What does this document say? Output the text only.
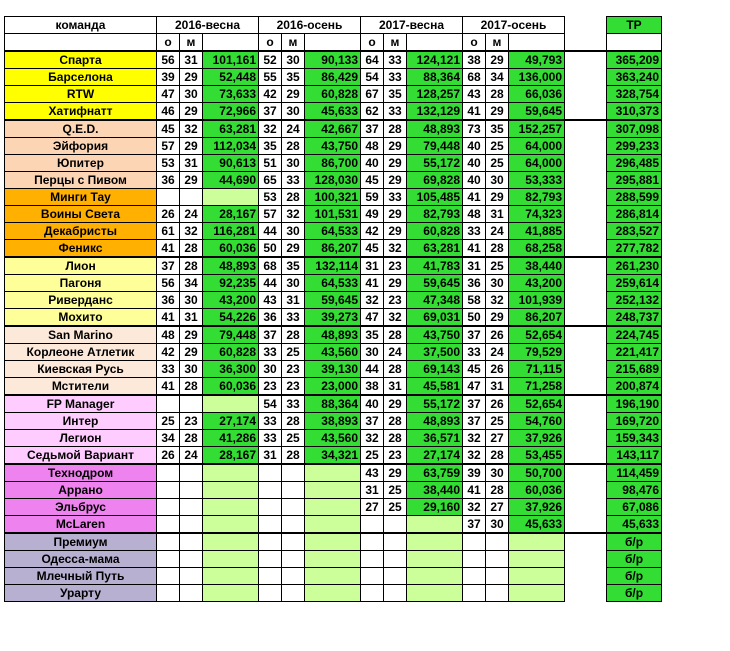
команда	2016-весна			2016-осень			2017-весна			2017-осень				ТР
	о	м		о	м		о	м		о	м			
Спарта	56	31	101,161	52	30	90,133	64	33	124,121	38	29	49,793		365,209
Барселона	39	29	52,448	55	35	86,429	54	33	88,364	68	34	136,000		363,240
RTW	47	30	73,633	42	29	60,828	67	35	128,257	43	28	66,036		328,754
Хатифнатт	46	29	72,966	37	30	45,633	62	33	132,129	41	29	59,645		310,373
Q.E.D.	45	32	63,281	32	24	42,667	37	28	48,893	73	35	152,257		307,098
Эйфория	57	29	112,034	35	28	43,750	48	29	79,448	40	25	64,000		299,233
Юпитер	53	31	90,613	51	30	86,700	40	29	55,172	40	25	64,000		296,485
Перцы с Пивом	36	29	44,690	65	33	128,030	45	29	69,828	40	30	53,333		295,881
Минги Тау				53	28	100,321	59	33	105,485	41	29	82,793		288,599
Воины Света	26	24	28,167	57	32	101,531	49	29	82,793	48	31	74,323		286,814
Декабристы	61	32	116,281	44	30	64,533	42	29	60,828	33	24	41,885		283,527
Феникс	41	28	60,036	50	29	86,207	45	32	63,281	41	28	68,258		277,782
Лион	37	28	48,893	68	35	132,114	31	23	41,783	31	25	38,440		261,230
Пагоня	56	34	92,235	44	30	64,533	41	29	59,645	36	30	43,200		259,614
Риверданс	36	30	43,200	43	31	59,645	32	23	47,348	58	32	101,939		252,132
Мохито	41	31	54,226	36	33	39,273	47	32	69,031	50	29	86,207		248,737
San Marino	48	29	79,448	37	28	48,893	35	28	43,750	37	26	52,654		224,745
Корлеоне Атлетик	42	29	60,828	33	25	43,560	30	24	37,500	33	24	79,529		221,417
Киевская Русь	33	30	36,300	30	23	39,130	44	28	69,143	45	26	71,115		215,689
Мстители	41	28	60,036	23	23	23,000	38	31	45,581	47	31	71,258		200,874
FP Manager				54	33	88,364	40	29	55,172	37	26	52,654		196,190
Интер	25	23	27,174	33	28	38,893	37	28	48,893	37	25	54,760		169,720
Легион	34	28	41,286	33	25	43,560	32	28	36,571	32	27	37,926		159,343
Седьмой Вариант	26	24	28,167	31	28	34,321	25	23	27,174	32	28	53,455		143,117
Технодром							43	29	63,759	39	30	50,700		114,459
Аррано							31	25	38,440	41	28	60,036		98,476
Эльбрус							27	25	29,160	32	27	37,926		67,086
McLaren										37	30	45,633		45,633
Премиум														б/р
Одесса-мама														б/р
Млечный Путь														б/р
Урарту														б/р
